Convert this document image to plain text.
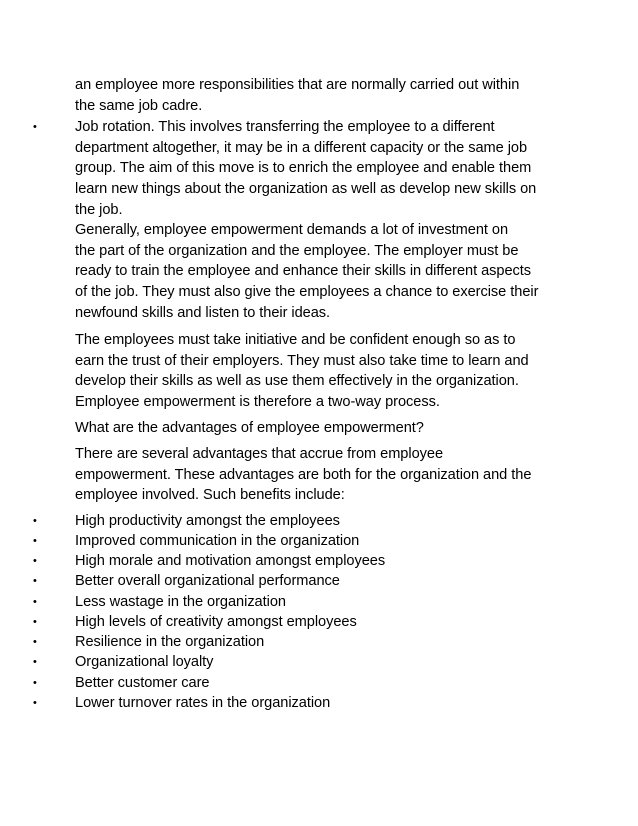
an employee more responsibilities that are normally carried out within
the same job cadre.
•	Job rotation. This involves transferring the employee to a different
department altogether, it may be in a different capacity or the same job
group. The aim of this move is to enrich the employee and enable them
learn new things about the organization as well as develop new skills on
the job.
Generally, employee empowerment demands a lot of investment on
the part of the organization and the employee. The employer must be
ready to train the employee and enhance their skills in different aspects
of the job. They must also give the employees a chance to exercise their
newfound skills and listen to their ideas.
The employees must take initiative and be confident enough so as to
earn the trust of their employers. They must also take time to learn and
develop their skills as well as use them effectively in the organization.
Employee empowerment is therefore a two-way process.
What are the advantages of employee empowerment?
There are several advantages that accrue from employee
empowerment. These advantages are both for the organization and the
employee involved. Such benefits include:
•	High productivity amongst the employees
•	Improved communication in the organization
•	High morale and motivation amongst employees
•	Better overall organizational performance
•	Less wastage in the organization
•	High levels of creativity amongst employees
•	Resilience in the organization
•	Organizational loyalty
•	Better customer care
•	Lower turnover rates in the organization
